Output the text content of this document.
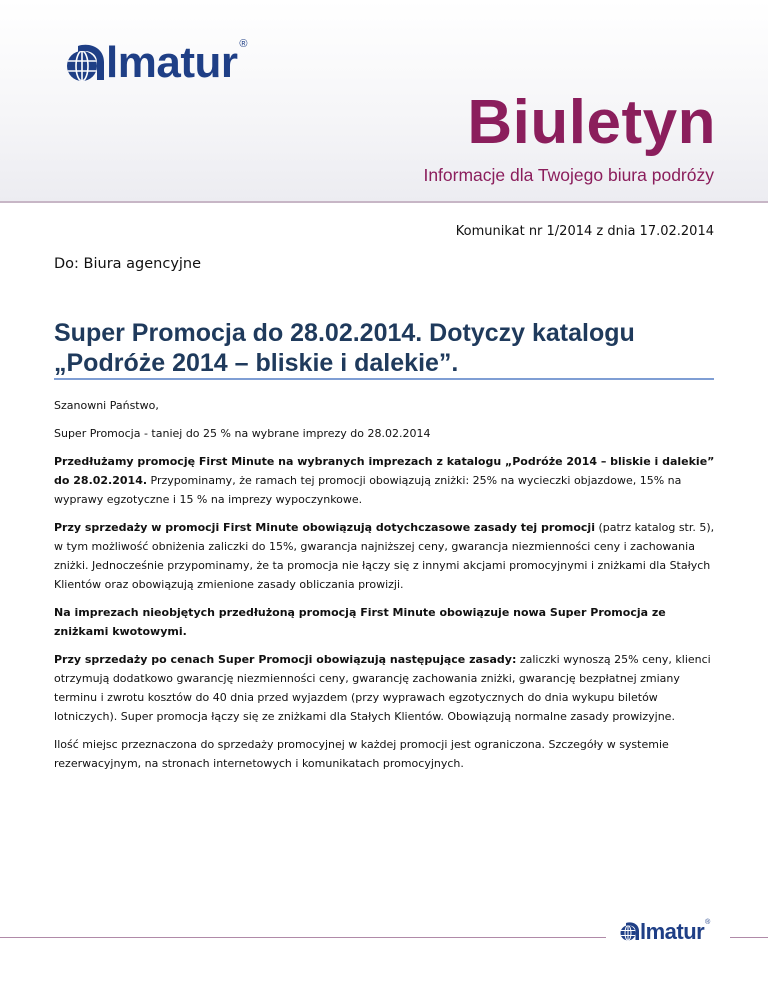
lmatur ®
Biuletyn
Informacje dla Twojego biura podróży
Komunikat nr 1/2014 z dnia 17.02.2014
Do: Biura agencyjne
Super Promocja do 28.02.2014. Dotyczy katalogu
„Podróże 2014 – bliskie i dalekie”.

Szanowni Państwo,

Super Promocja - taniej do 25 % na wybrane imprezy do 28.02.2014

Przedłużamy promocję First Minute na wybranych imprezach z katalogu „Podróże 2014 – bliskie i dalekie” do 28.02.2014. Przypominamy, że ramach tej promocji obowiązują zniżki: 25% na wycieczki objazdowe, 15% na wyprawy egzotyczne i 15 % na imprezy wypoczynkowe.

Przy sprzedaży w promocji First Minute obowiązują dotychczasowe zasady tej promocji (patrz katalog str. 5), w tym możliwość obniżenia zaliczki do 15%, gwarancja najniższej ceny, gwarancja niezmienności ceny i zachowania zniżki. Jednocześnie przypominamy, że ta promocja nie łączy się z innymi akcjami promocyjnymi i zniżkami dla Stałych Klientów oraz obowiązują zmienione zasady obliczania prowizji.

Na imprezach nieobjętych przedłużoną promocją First Minute obowiązuje nowa Super Promocja ze zniżkami kwotowymi.

Przy sprzedaży po cenach Super Promocji obowiązują następujące zasady: zaliczki wynoszą 25% ceny, klienci otrzymują dodatkowo gwarancję niezmienności ceny, gwarancję zachowania zniżki, gwarancję bezpłatnej zmiany terminu i zwrotu kosztów do 40 dnia przed wyjazdem (przy wyprawach egzotycznych do dnia wykupu biletów lotniczych). Super promocja łączy się ze zniżkami dla Stałych Klientów. Obowiązują normalne zasady prowizyjne.

Ilość miejsc przeznaczona do sprzedaży promocyjnej w każdej promocji jest ograniczona. Szczegóły w systemie rezerwacyjnym, na stronach internetowych i komunikatach promocyjnych.

lmatur ®
